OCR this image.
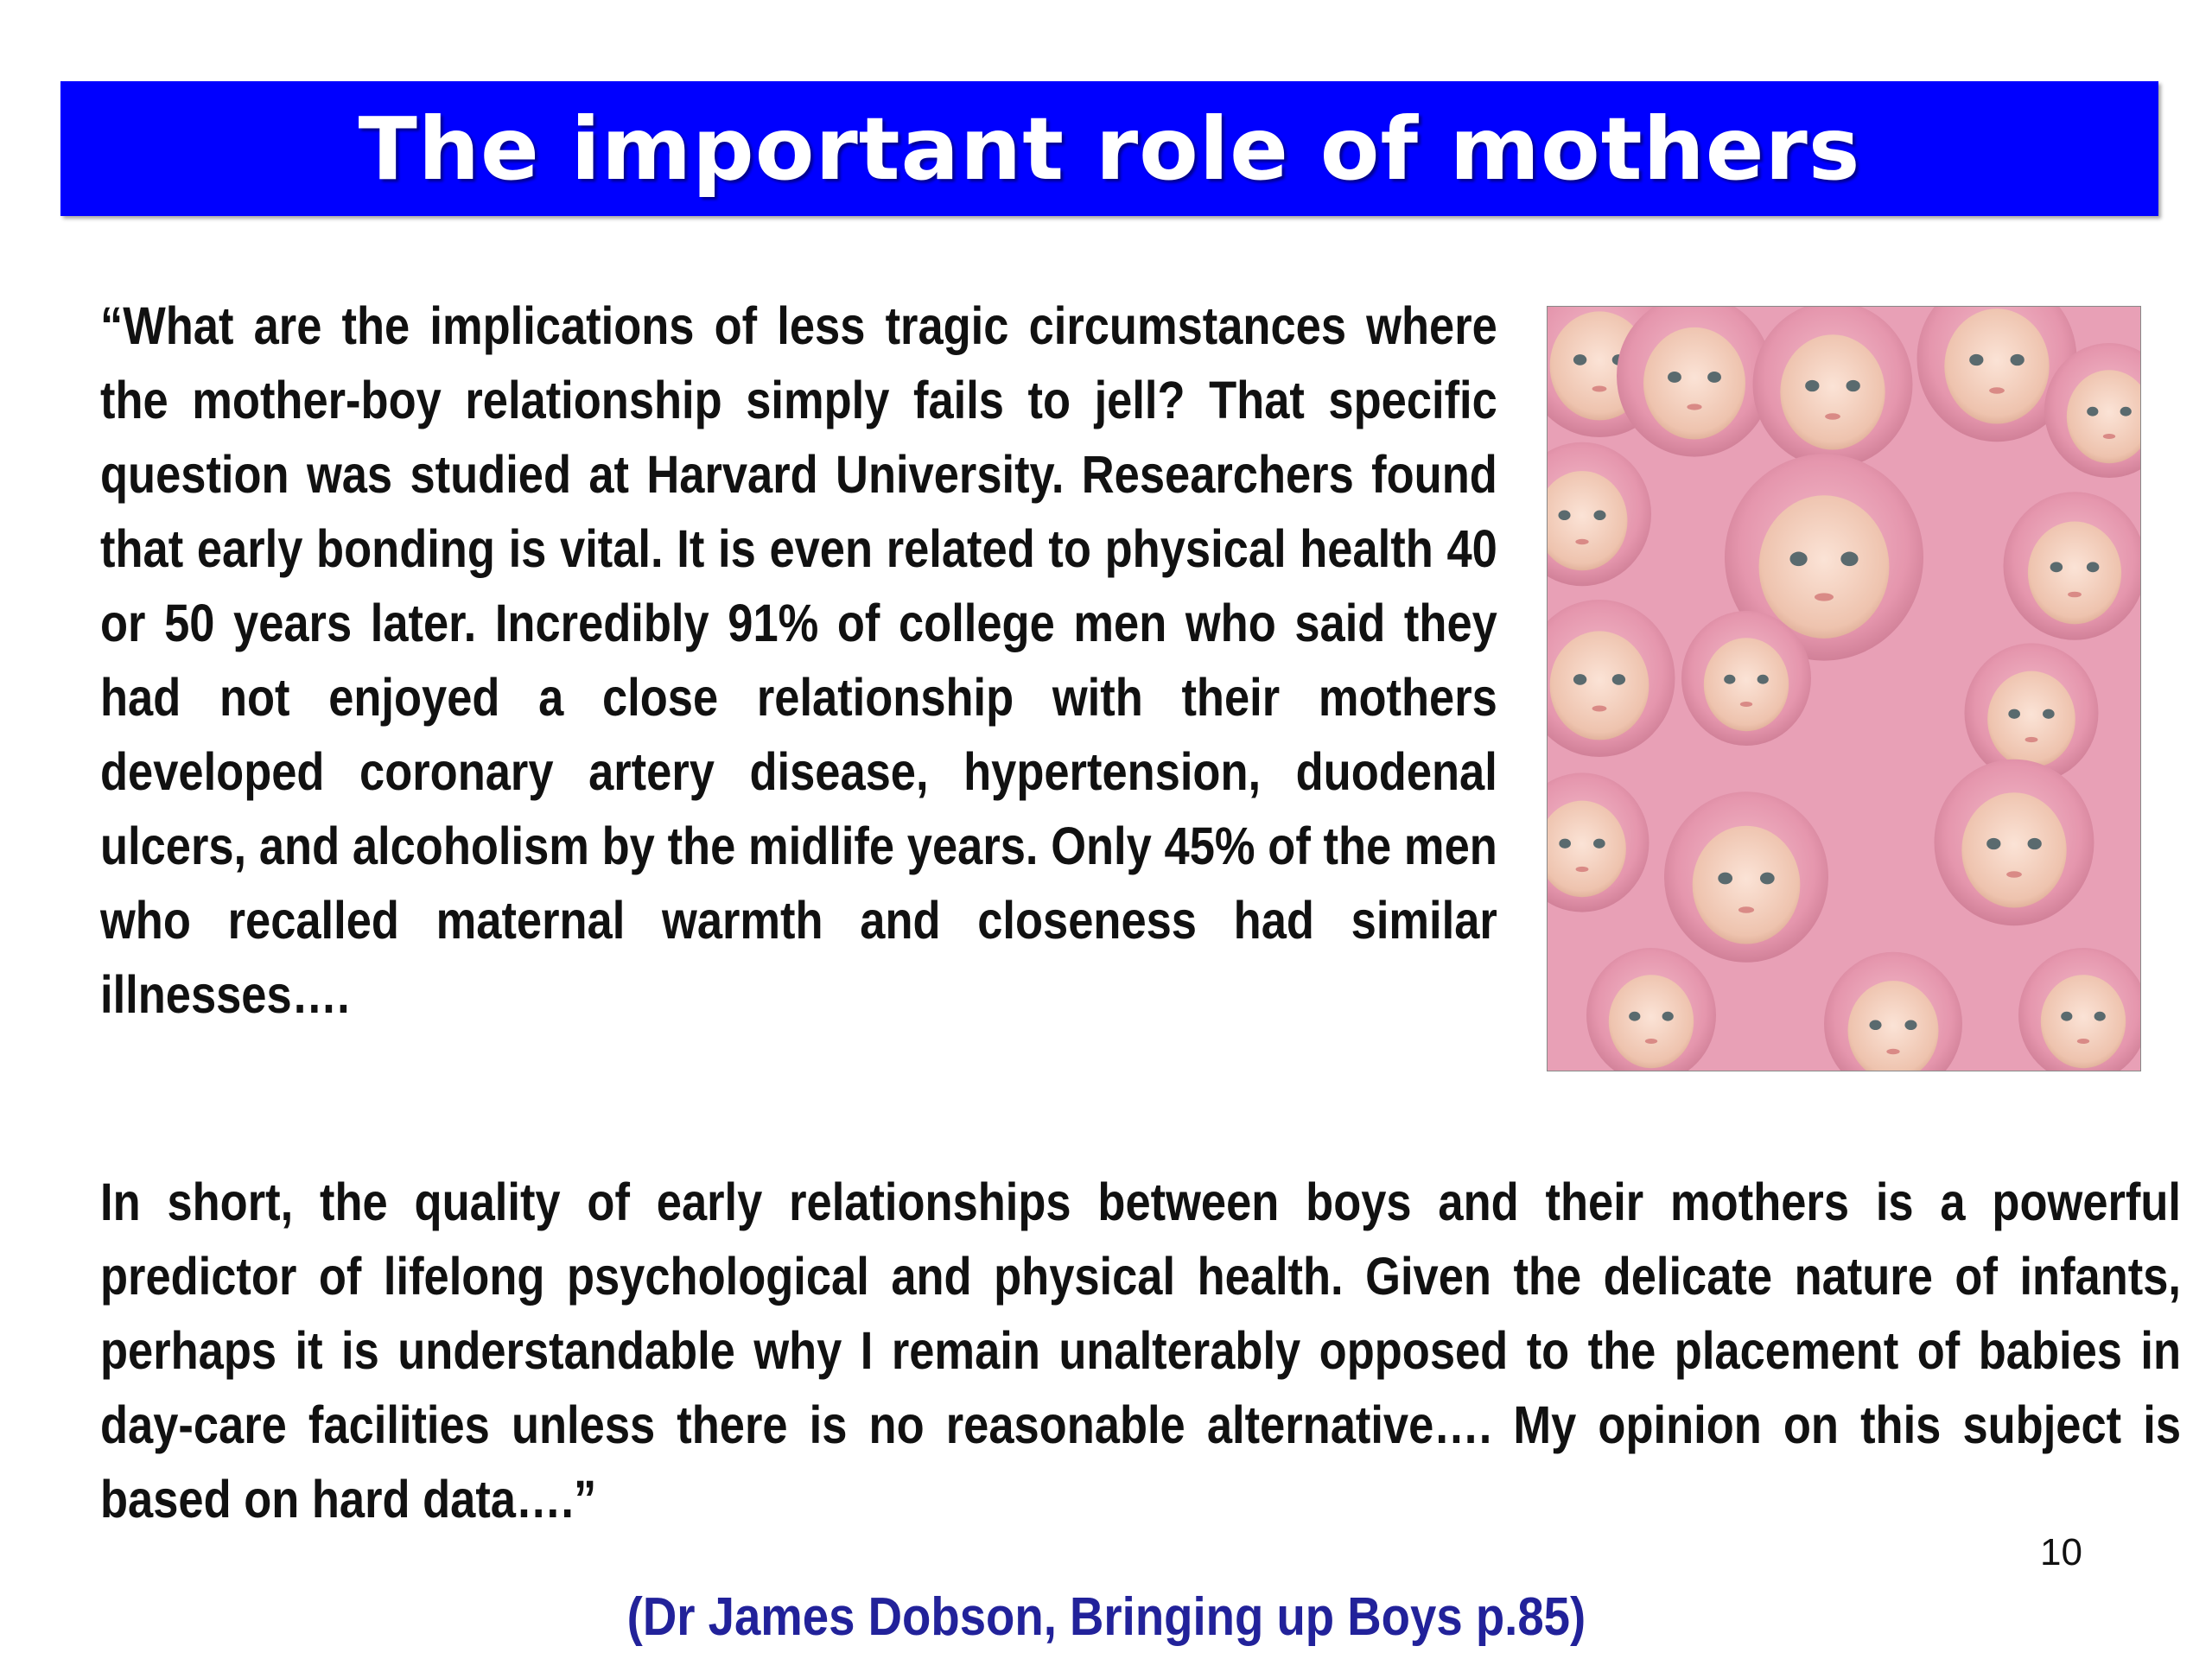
The important role of mothers
“What are the implications of less tragic circumstances where the mother-boy relationship simply fails to jell? That specific question was studied at Harvard University. Researchers found that early bonding is vital. It is even related to physical health 40 or 50 years later. Incredibly 91% of college men who said they had not enjoyed a close relationship with their mothers developed coronary artery disease, hypertension, duodenal ulcers, and alcoholism by the midlife years. Only 45% of the men who recalled maternal warmth and closeness had similar illnesses….
In short, the quality of early relationships between boys and their mothers is a powerful predictor of lifelong psychological and physical health. Given the delicate nature of infants, perhaps it is understandable why I remain unalterably opposed to the placement of babies in day-care facilities unless there is no reasonable alternative…. My opinion on this subject is based on hard data….”
10
(Dr James Dobson, Bringing up Boys p.85)
